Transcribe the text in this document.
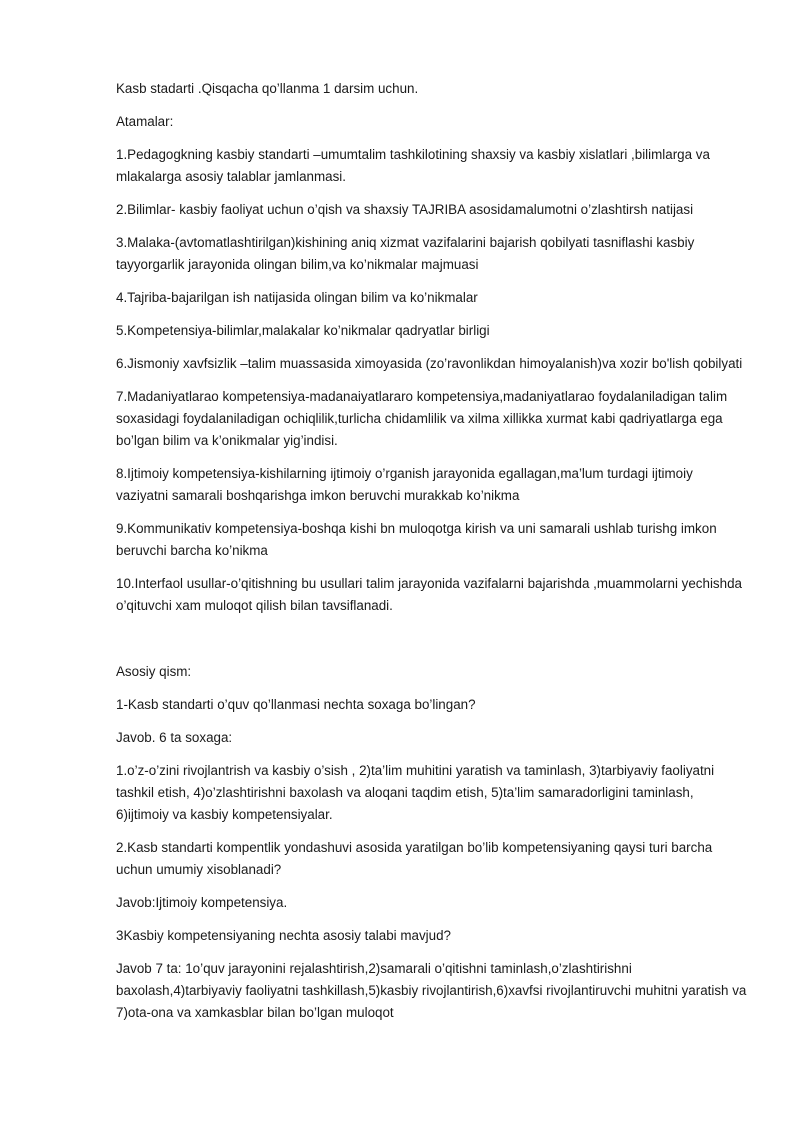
Kasb stadarti .Qisqacha qo’llanma 1 darsim uchun.

Atamalar:

1.Pedagogkning kasbiy standarti –umumtalim tashkilotining shaxsiy va kasbiy xislatlari ,bilimlarga va mlakalarga asosiy talablar jamlanmasi.

2.Bilimlar- kasbiy faoliyat uchun o’qish va shaxsiy TAJRIBA asosidamalumotni o’zlashtirsh natijasi

3.Malaka-(avtomatlashtirilgan)kishining aniq xizmat vazifalarini bajarish qobilyati tasniflashi kasbiy tayyorgarlik jarayonida olingan bilim,va ko’nikmalar majmuasi

4.Tajriba-bajarilgan ish natijasida olingan bilim va ko’nikmalar

5.Kompetensiya-bilimlar,malakalar ko’nikmalar qadryatlar birligi

6.Jismoniy xavfsizlik –talim muassasida ximoyasida (zo’ravonlikdan himoyalanish)va xozir bo'lish qobilyati

7.Madaniyatlarao kompetensiya-madanaiyatlararo kompetensiya,madaniyatlarao foydalaniladigan talim soxasidagi foydalaniladigan ochiqlilik,turlicha chidamlilik va xilma xillikka xurmat kabi qadriyatlarga ega bo’lgan bilim va k’onikmalar yig’indisi.

8.Ijtimoiy kompetensiya-kishilarning ijtimoiy o’rganish jarayonida egallagan,ma’lum turdagi ijtimoiy vaziyatni samarali boshqarishga imkon beruvchi murakkab ko’nikma

9.Kommunikativ kompetensiya-boshqa kishi bn muloqotga kirish va uni samarali ushlab turishg imkon beruvchi barcha ko’nikma

10.Interfaol usullar-o’qitishning bu usullari talim jarayonida vazifalarni bajarishda ,muammolarni yechishda o’qituvchi xam muloqot qilish bilan tavsiflanadi.

Asosiy qism:

1-Kasb standarti o’quv qo’llanmasi nechta soxaga bo’lingan?

Javob. 6 ta soxaga:

1.o’z-o’zini rivojlantrish va kasbiy o’sish , 2)ta’lim muhitini yaratish va taminlash, 3)tarbiyaviy faoliyatni tashkil etish, 4)o’zlashtirishni baxolash va aloqani taqdim etish, 5)ta’lim samaradorligini taminlash, 6)ijtimoiy va kasbiy kompetensiyalar.

2.Kasb standarti kompentlik yondashuvi asosida yaratilgan bo’lib kompetensiyaning qaysi turi barcha uchun umumiy xisoblanadi?

Javob:Ijtimoiy kompetensiya.

3Kasbiy kompetensiyaning nechta asosiy talabi mavjud?

Javob 7 ta: 1o’quv jarayonini rejalashtirish,2)samarali o’qitishni taminlash,o’zlashtirishni baxolash,4)tarbiyaviy faoliyatni tashkillash,5)kasbiy rivojlantirish,6)xavfsi rivojlantiruvchi muhitni yaratish va 7)ota-ona va xamkasblar bilan bo’lgan muloqot
